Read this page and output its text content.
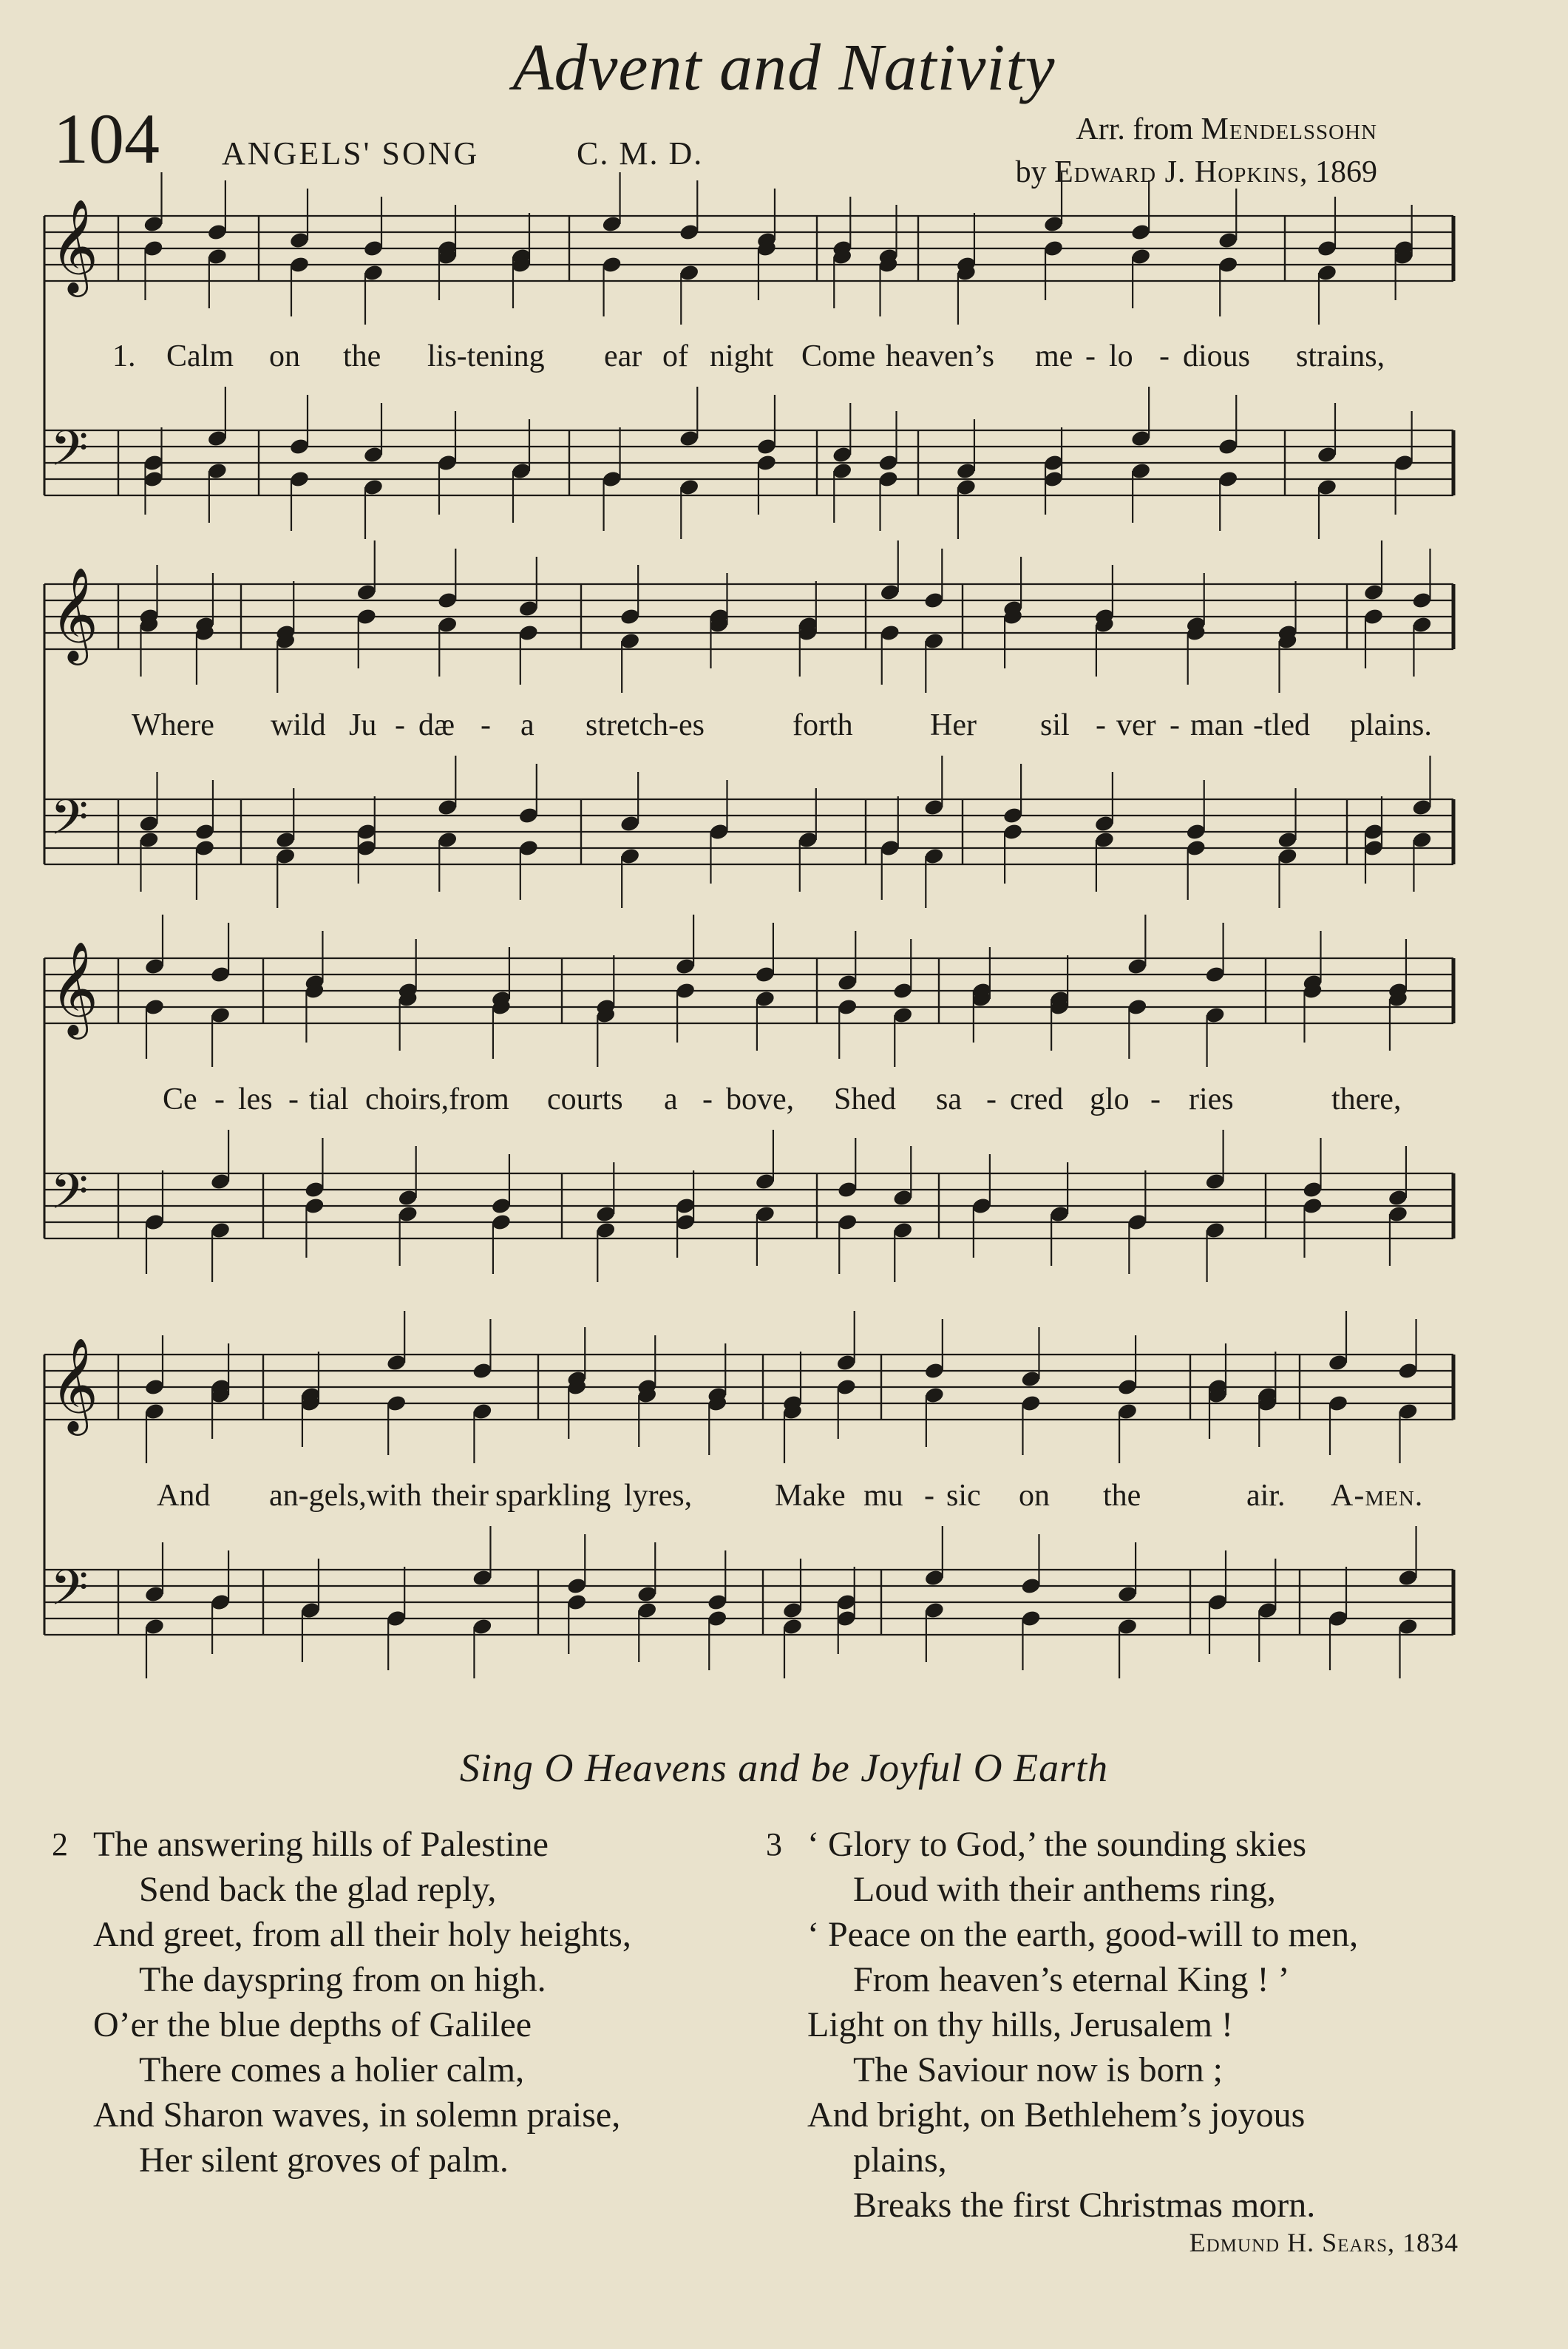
Advent and Nativity
104 ANGELS' SONG	C. M. D.
Arr. from Mendelssohn
by Edward J. Hopkins, 1869
𝄞
𝄢
𝄞
𝄢
𝄞
𝄢
𝄞
𝄢
1. Calm on the lis-tening ear of night Come heaven’s me - lo - dious strains,
Where wild Ju - dæ - a stretch-es	forth Her sil - ver - man -tled plains.
Ce - les - tial choirs,from courts a - bove, Shed sa - cred glo - ries	there,
And an-gels,with their sparkling lyres,	Make mu - sic on the	air. A-men.
Sing O Heavens and be Joyful O Earth
2 The answering hills of Palestine
Send back the glad reply,
And greet, from all their holy heights,
The dayspring from on high.
O’er the blue depths of Galilee
There comes a holier calm,
And Sharon waves, in solemn praise,
Her silent groves of palm.
3 ‘ Glory to God,’ the sounding skies
Loud with their anthems ring,
‘ Peace on the earth, good-will to men,
From heaven’s eternal King ! ’
Light on thy hills, Jerusalem !
The Saviour now is born ;
And bright, on Bethlehem’s joyous
plains,
Breaks the first Christmas morn.
Edmund H. Sears, 1834
